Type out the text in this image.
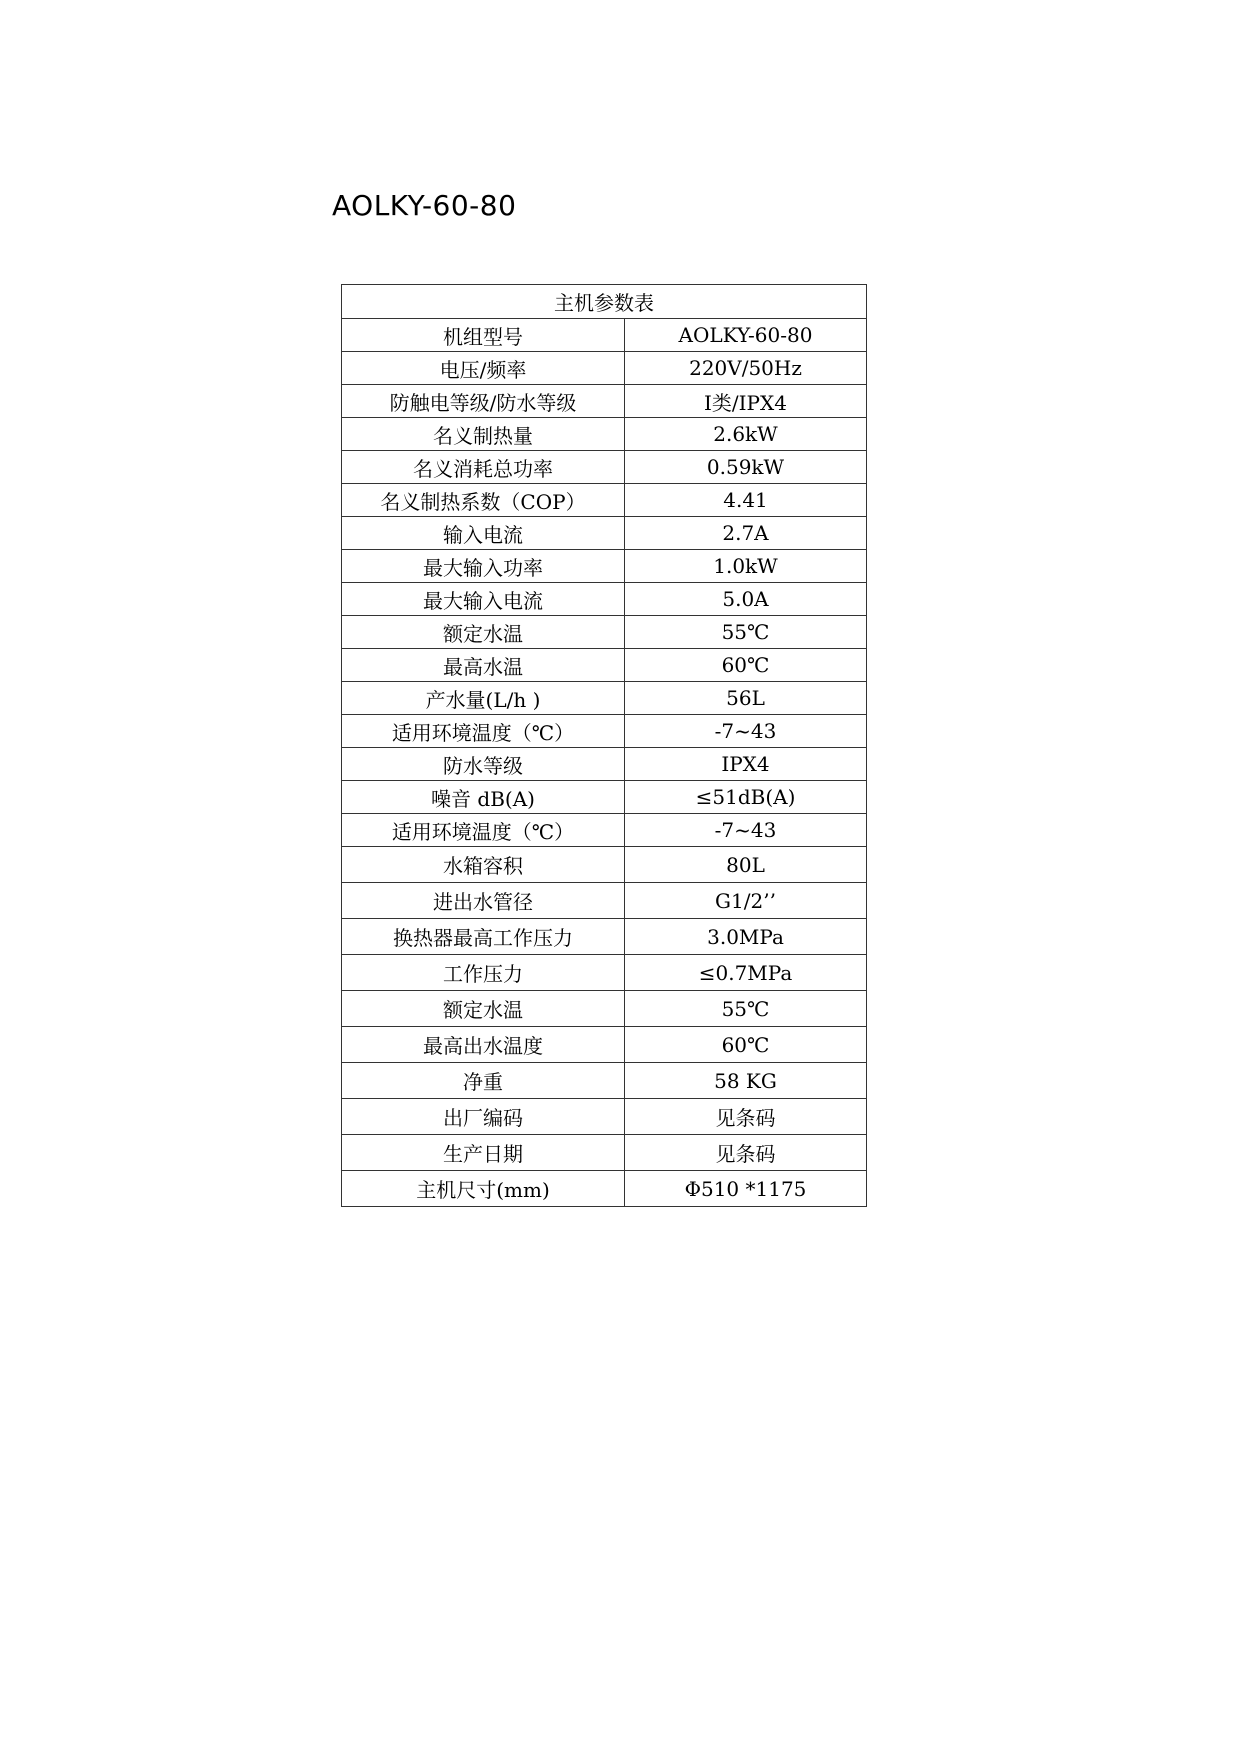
AOLKY-60-80
主机参数表	
机组型号	AOLKY-60-80
电压/频率	220V/50Hz
防触电等级/防水等级	I类/IPX4
名义制热量	2.6kW
名义消耗总功率	0.59kW
名义制热系数（COP）	4.41
输入电流	2.7A
最大输入功率	1.0kW
最大输入电流	5.0A
额定水温	55℃
最高水温	60℃
产水量(L/h )	56L
适用环境温度（℃）	-7~43
防水等级	IPX4
噪音 dB(A)	≤51dB(A)
适用环境温度（℃）	-7~43
水箱容积	80L
进出水管径	G1/2’’
换热器最高工作压力	3.0MPa
工作压力	≤0.7MPa
额定水温	55℃
最高出水温度	60℃
净重	58 KG
出厂编码	见条码
生产日期	见条码
主机尺寸(mm)	Φ510 *1175
